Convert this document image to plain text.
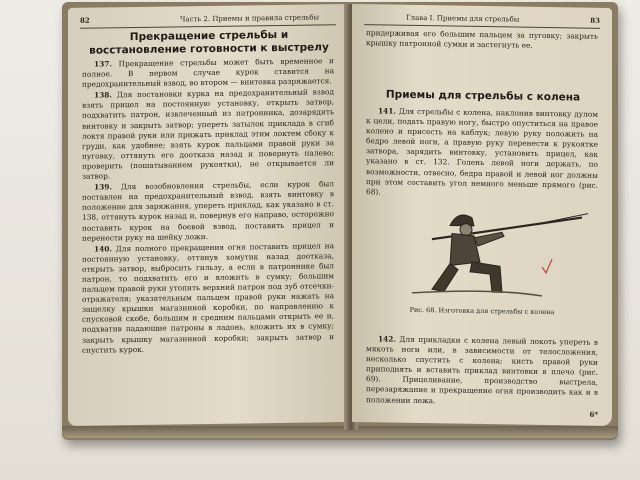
82	Часть 2. Приемы и правила стрельбы
Прекращение стрельбы и восстановление готовности к выстрелу

137. Прекращение стрельбы может быть временное и полное. В первом случае курок ставится на предохранительный взвод, во втором — винтовка разряжается.

138. Для постановки курка на предохранительный взвод взять прицел на постоянную установку, открыть затвор, подхватить патрон, извлеченный из патронника, дозарядить винтовку и закрыть затвор; упереть затылок приклада в сгиб локтя правой руки или прижать приклад этим локтем сбоку к груди, как удобнее; взять курок пальцами правой руки за пуговку, оттянуть его доотказа назад и повернуть палево; проверить (пошатыванием рукоятки), не открывается ли затвор.

139. Для возобновления стрельбы, если курок был поставлен на предохранительный взвод, взять винтовку в положение для заряжания, упереть приклад, как указано в ст. 138, оттянуть курок назад и, повернув его направо, осторожно поставить курок на боевой взвод, поставить прицел и перенести руку на шейку ложи.

140. Для полного прекращения огня поставить прицел на постоянную установку, оттянув хомутик назад доотказа, открыть затвор, выбросить гильзу, а если в патроннике был патрон, то подхватить его и вложить в сумку; большим пальцем правой руки утопить верхний патрон под зуб отсечки-отражателя; указательным пальцем правой руки нажать на защелку крышки магазинной коробки, по направлению к спусковой скобе, большим и средним пальцами открыть ее и, подхватив падающие патроны в ладонь, вложить их в сумку; закрыть крышку магазинной коробки; закрыть затвор и спустить курок.

Глава I. Приемы для стрельбы	83

придерживая его большим пальцем за пуговку; закрыть крышку патронной сумки и застегнуть ее.

Приемы для стрельбы с колена

141. Для стрельбы с колена, наклонив винтовку дулом к цели, подать правую ногу, быстро опуститься на правое колено и присесть на каблук; левую руку положить на бедро левой ноги, а правую руку перенести к рукоятке затвора, зарядить винтовку, установить прицел, как указано в ст. 132. Голень левой ноги держать, по возможности, отвесно, бедра правой и левой ног должны при этом составить угол немного меньше прямого (рис. 68).

Рис. 68. Изготовка для стрельбы с колена

142. Для прикладки с колена левый локоть упереть в мякоть ноги или, в зависимости от телосложения, несколько спустить с колена; кисть правой руки приподнять и вставить приклад винтовки в плечо (рис. 69). Прицеливание, производство выстрела, перезаряжание и прекращение огня производить как и в положении лежа.

6*
